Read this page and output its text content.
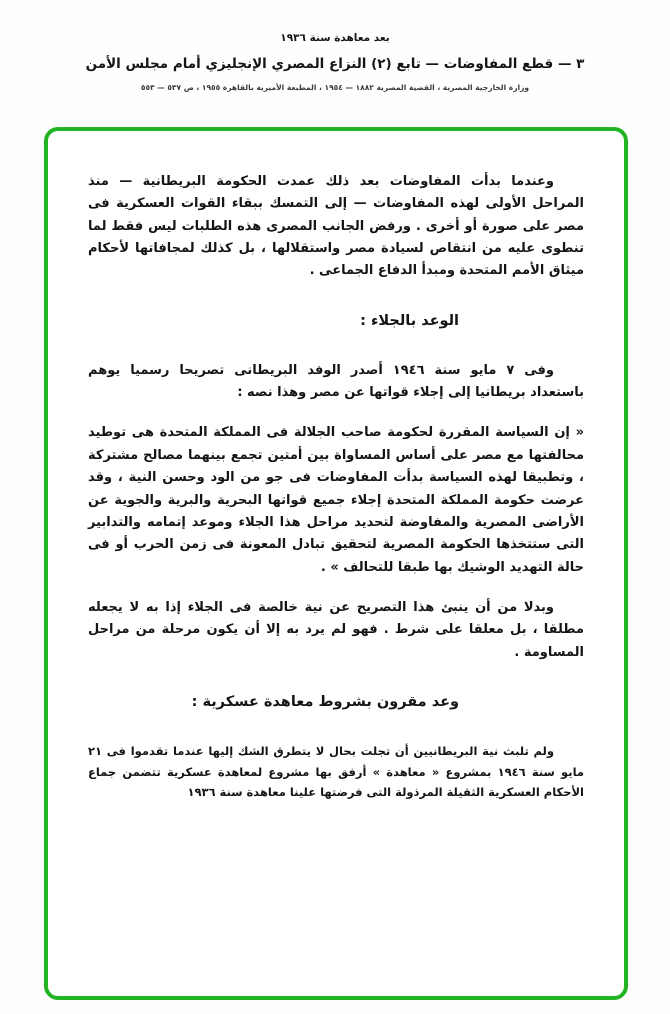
بعد معاهدة سنة ١٩٣٦
٣ — قطع المفاوضات — تابع (٢) النزاع المصري الإنجليزي أمام مجلس الأمن
وزارة الخارجية المصرية ، القضية المصرية ١٨٨٢ — ١٩٥٤ ، المطبعة الأميرية بالقاهرة ١٩٥٥ ، ص ٥٣٧ — ٥٥٣

وعندما بدأت المفاوضات بعد ذلك عمدت الحكومة البريطانية — منذ المراحل الأولى لهذه المفاوضات — إلى التمسك ببقاء القوات العسكرية فى مصر على صورة أو أخرى . ورفض الجانب المصرى هذه الطلبات ليس فقط لما تنطوى عليه من انتقاص لسيادة مصر واستقلالها ، بل كذلك لمجافاتها لأحكام ميثاق الأمم المتحدة ومبدأ الدفاع الجماعى .

الوعد بالجلاء :

وفى ٧ مايو سنة ١٩٤٦ أصدر الوفد البريطانى تصريحا رسميا يوهم باستعداد بريطانيا إلى إجلاء قواتها عن مصر وهذا نصه :

« إن السياسة المقررة لحكومة صاحب الجلالة فى المملكة المتحدة هى توطيد محالفتها مع مصر على أساس المساواة بين أمتين تجمع بينهما مصالح مشتركة ، وتطبيقا لهذه السياسة بدأت المفاوضات فى جو من الود وحسن النية ، وقد عرضت حكومة المملكة المتحدة إجلاء جميع قواتها البحرية والبرية والجوية عن الأراضى المصرية والمفاوضة لتحديد مراحل هذا الجلاء وموعد إتمامه والتدابير التى ستتخذها الحكومة المصرية لتحقيق تبادل المعونة فى زمن الحرب أو فى حالة التهديد الوشيك بها طبقا للتحالف » .

وبدلا من أن ينبئ هذا التصريح عن نية خالصة فى الجلاء إذا به لا يجعله مطلقا ، بل معلقا على شرط . فهو لم يرد به إلا أن يكون مرحلة من مراحل المساومة .

وعد مقرون بشروط معاهدة عسكرية :

ولم تلبث نية البريطانيين أن تجلت بحال لا يتطرق الشك إليها عندما تقدموا فى ٢١ مايو سنة ١٩٤٦ بمشروع « معاهدة » أرفق بها مشروع لمعاهدة عسكرية تتضمن جماع الأحكام العسكرية الثقيلة المرذولة التى فرضتها علينا معاهدة سنة ١٩٣٦
